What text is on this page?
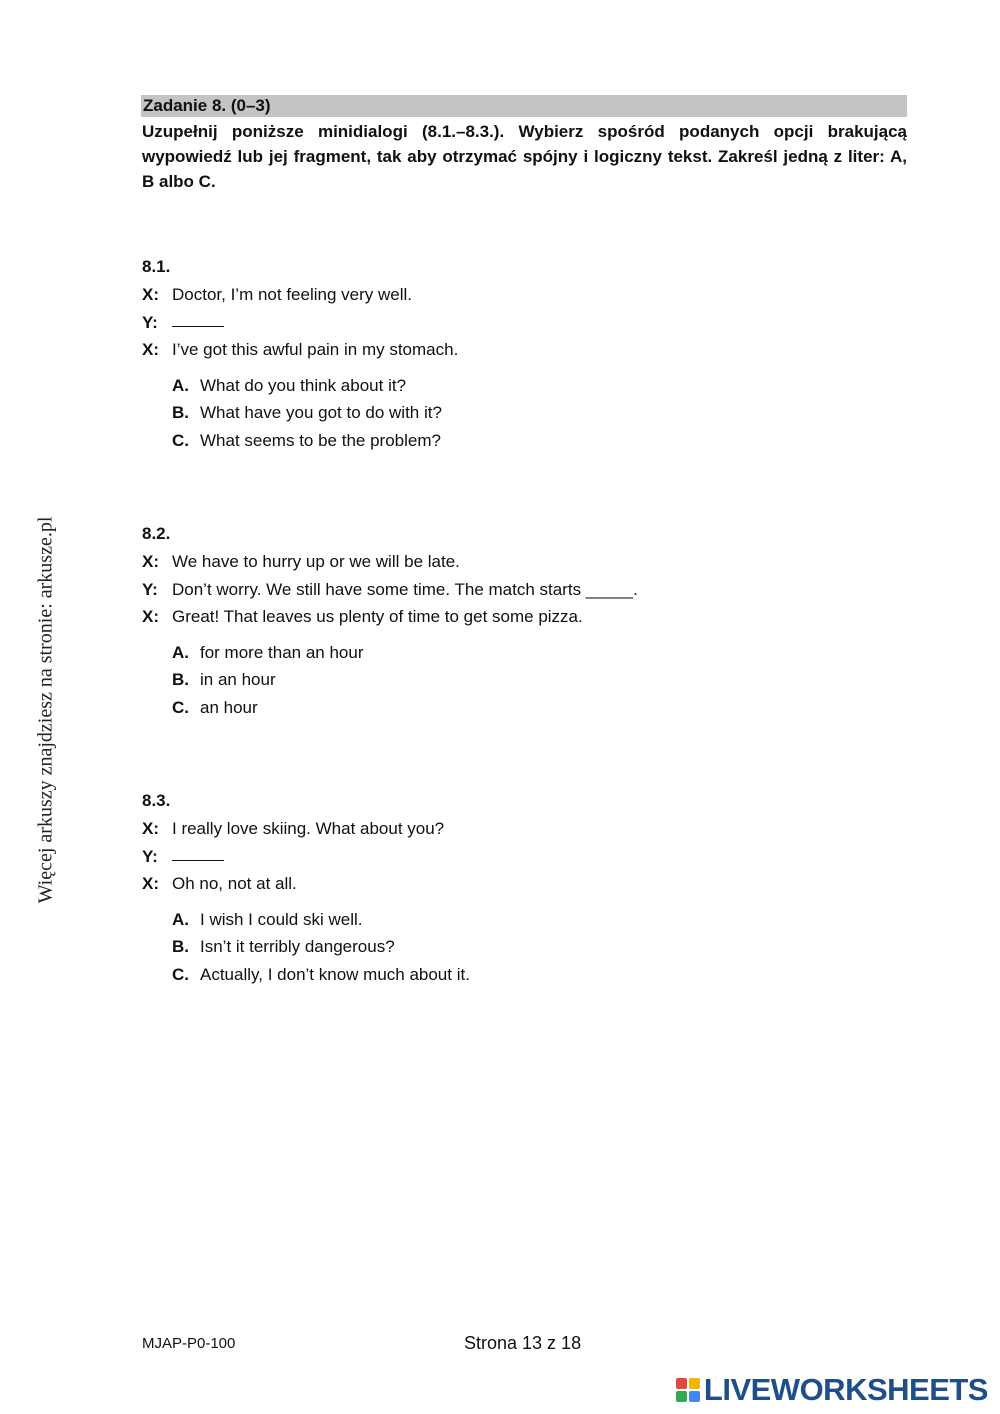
Zadanie 8. (0–3)
Uzupełnij poniższe minidialogi (8.1.–8.3.). Wybierz spośród podanych opcji brakującą wypowiedź lub jej fragment, tak aby otrzymać spójny i logiczny tekst. Zakreśl jedną z liter: A, B albo C.
8.1.
X: Doctor, I’m not feeling very well.
Y:
X: I’ve got this awful pain in my stomach.
A. What do you think about it?
B. What have you got to do with it?
C. What seems to be the problem?
8.2.
X: We have to hurry up or we will be late.
Y: Don’t worry. We still have some time. The match starts _____.
X: Great! That leaves us plenty of time to get some pizza.
A. for more than an hour
B. in an hour
C. an hour
8.3.
X: I really love skiing. What about you?
Y:
X: Oh no, not at all.
A. I wish I could ski well.
B. Isn’t it terribly dangerous?
C. Actually, I don’t know much about it.
Więcej arkuszy znajdziesz na stronie: arkusze.pl
MJAP-P0-100	Strona 13 z 18
LIVEWORKSHEETS
